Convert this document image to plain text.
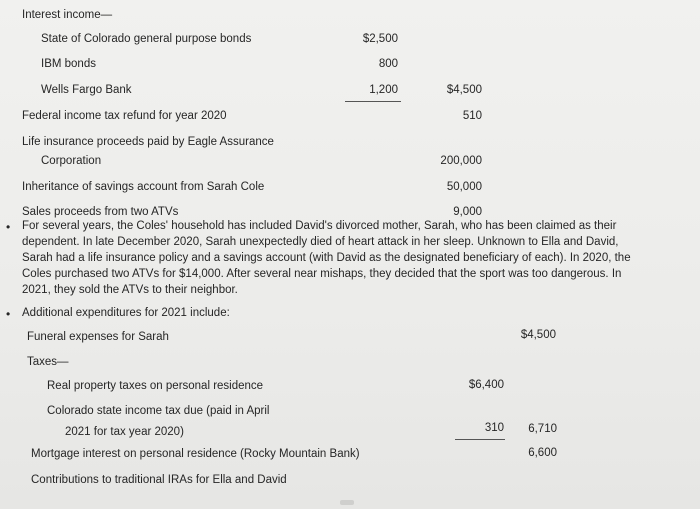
Interest income—
State of Colorado general purpose bonds	$2,500
IBM bonds	800
Wells Fargo Bank	1,200	$4,500
Federal income tax refund for year 2020	510
Life insurance proceeds paid by Eagle Assurance
Corporation	200,000
Inheritance of savings account from Sarah Cole	50,000
Sales proceeds from two ATVs	9,000
• For several years, the Coles' household has included David's divorced mother, Sarah, who has been claimed as their
dependent. In late December 2020, Sarah unexpectedly died of heart attack in her sleep. Unknown to Ella and David,
Sarah had a life insurance policy and a savings account (with David as the designated beneficiary of each). In 2020, the
Coles purchased two ATVs for $14,000. After several near mishaps, they decided that the sport was too dangerous. In
2021, they sold the ATVs to their neighbor.
• Additional expenditures for 2021 include:
Funeral expenses for Sarah	$4,500
Taxes—
Real property taxes on personal residence	$6,400
Colorado state income tax due (paid in April
2021 for tax year 2020)	310	6,710
Mortgage interest on personal residence (Rocky Mountain Bank)	6,600
Contributions to traditional IRAs for Ella and David
